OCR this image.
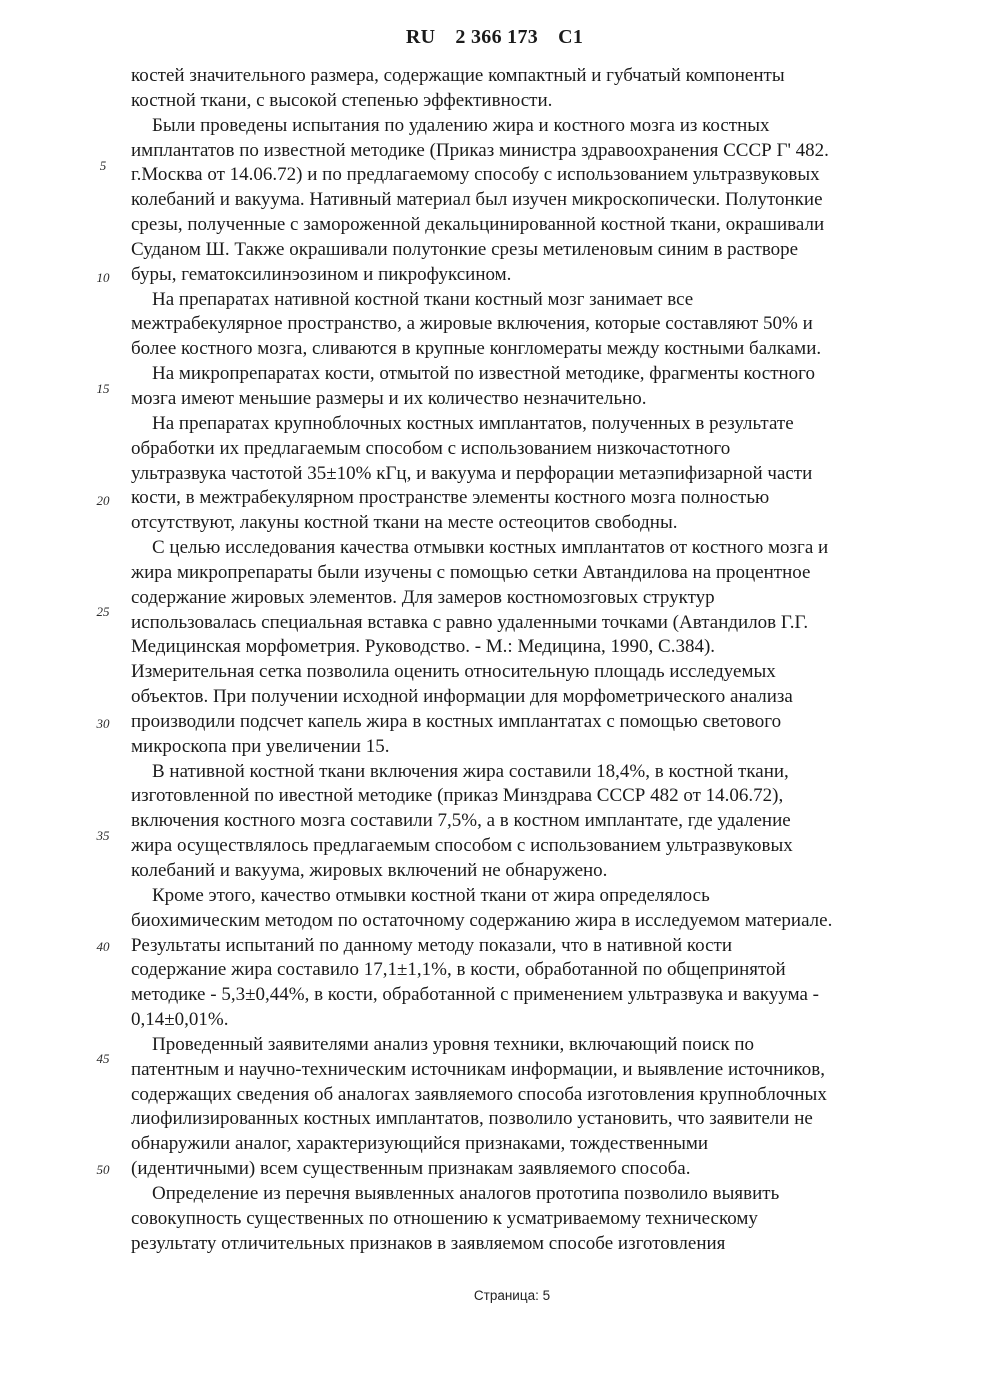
RU 2 366 173 C1
5
10
15
20
25
30
35
40
45
50
костей значительного размера, содержащие компактный и губчатый компоненты
костной ткани, с высокой степенью эффективности.
Были проведены испытания по удалению жира и костного мозга из костных
имплантатов по известной методике (Приказ министра здравоохранения СССР Г' 482.
г.Москва от 14.06.72) и по предлагаемому способу с использованием ультразвуковых
колебаний и вакуума. Нативный материал был изучен микроскопически. Полутонкие
срезы, полученные с замороженной декальцинированной костной ткани, окрашивали
Суданом Ш. Также окрашивали полутонкие срезы метиленовым синим в растворе
буры, гематоксилинэозином и пикрофуксином.
На препаратах нативной костной ткани костный мозг занимает все
межтрабекулярное пространство, а жировые включения, которые составляют 50% и
более костного мозга, сливаются в крупные конгломераты между костными балками.
На микропрепаратах кости, отмытой по известной методике, фрагменты костного
мозга имеют меньшие размеры и их количество незначительно.
На препаратах крупноблочных костных имплантатов, полученных в результате
обработки их предлагаемым способом с использованием низкочастотного
ультразвука частотой 35±10% кГц, и вакуума и перфорации метаэпифизарной части
кости, в межтрабекулярном пространстве элементы костного мозга полностью
отсутствуют, лакуны костной ткани на месте остеоцитов свободны.
С целью исследования качества отмывки костных имплантатов от костного мозга и
жира микропрепараты были изучены с помощью сетки Автандилова на процентное
содержание жировых элементов. Для замеров костномозговых структур
использовалась специальная вставка с равно удаленными точками (Автандилов Г.Г.
Медицинская морфометрия. Руководство. - М.: Медицина, 1990, С.384).
Измерительная сетка позволила оценить относительную площадь исследуемых
объектов. При получении исходной информации для морфометрического анализа
производили подсчет капель жира в костных имплантатах с помощью светового
микроскопа при увеличении 15.
В нативной костной ткани включения жира составили 18,4%, в костной ткани,
изготовленной по ивестной методике (приказ Минздрава СССР 482 от 14.06.72),
включения костного мозга составили 7,5%, а в костном имплантате, где удаление
жира осуществлялось предлагаемым способом с использованием ультразвуковых
колебаний и вакуума, жировых включений не обнаружено.
Кроме этого, качество отмывки костной ткани от жира определялось
биохимическим методом по остаточному содержанию жира в исследуемом материале.
Результаты испытаний по данному методу показали, что в нативной кости
содержание жира составило 17,1±1,1%, в кости, обработанной по общепринятой
методике - 5,3±0,44%, в кости, обработанной с применением ультразвука и вакуума -
0,14±0,01%.
Проведенный заявителями анализ уровня техники, включающий поиск по
патентным и научно-техническим источникам информации, и выявление источников,
содержащих сведения об аналогах заявляемого способа изготовления крупноблочных
лиофилизированных костных имплантатов, позволило установить, что заявители не
обнаружили аналог, характеризующийся признаками, тождественными
(идентичными) всем существенным признакам заявляемого способа.
Определение из перечня выявленных аналогов прототипа позволило выявить
совокупность существенных по отношению к усматриваемому техническому
результату отличительных признаков в заявляемом способе изготовления
Страница: 5
